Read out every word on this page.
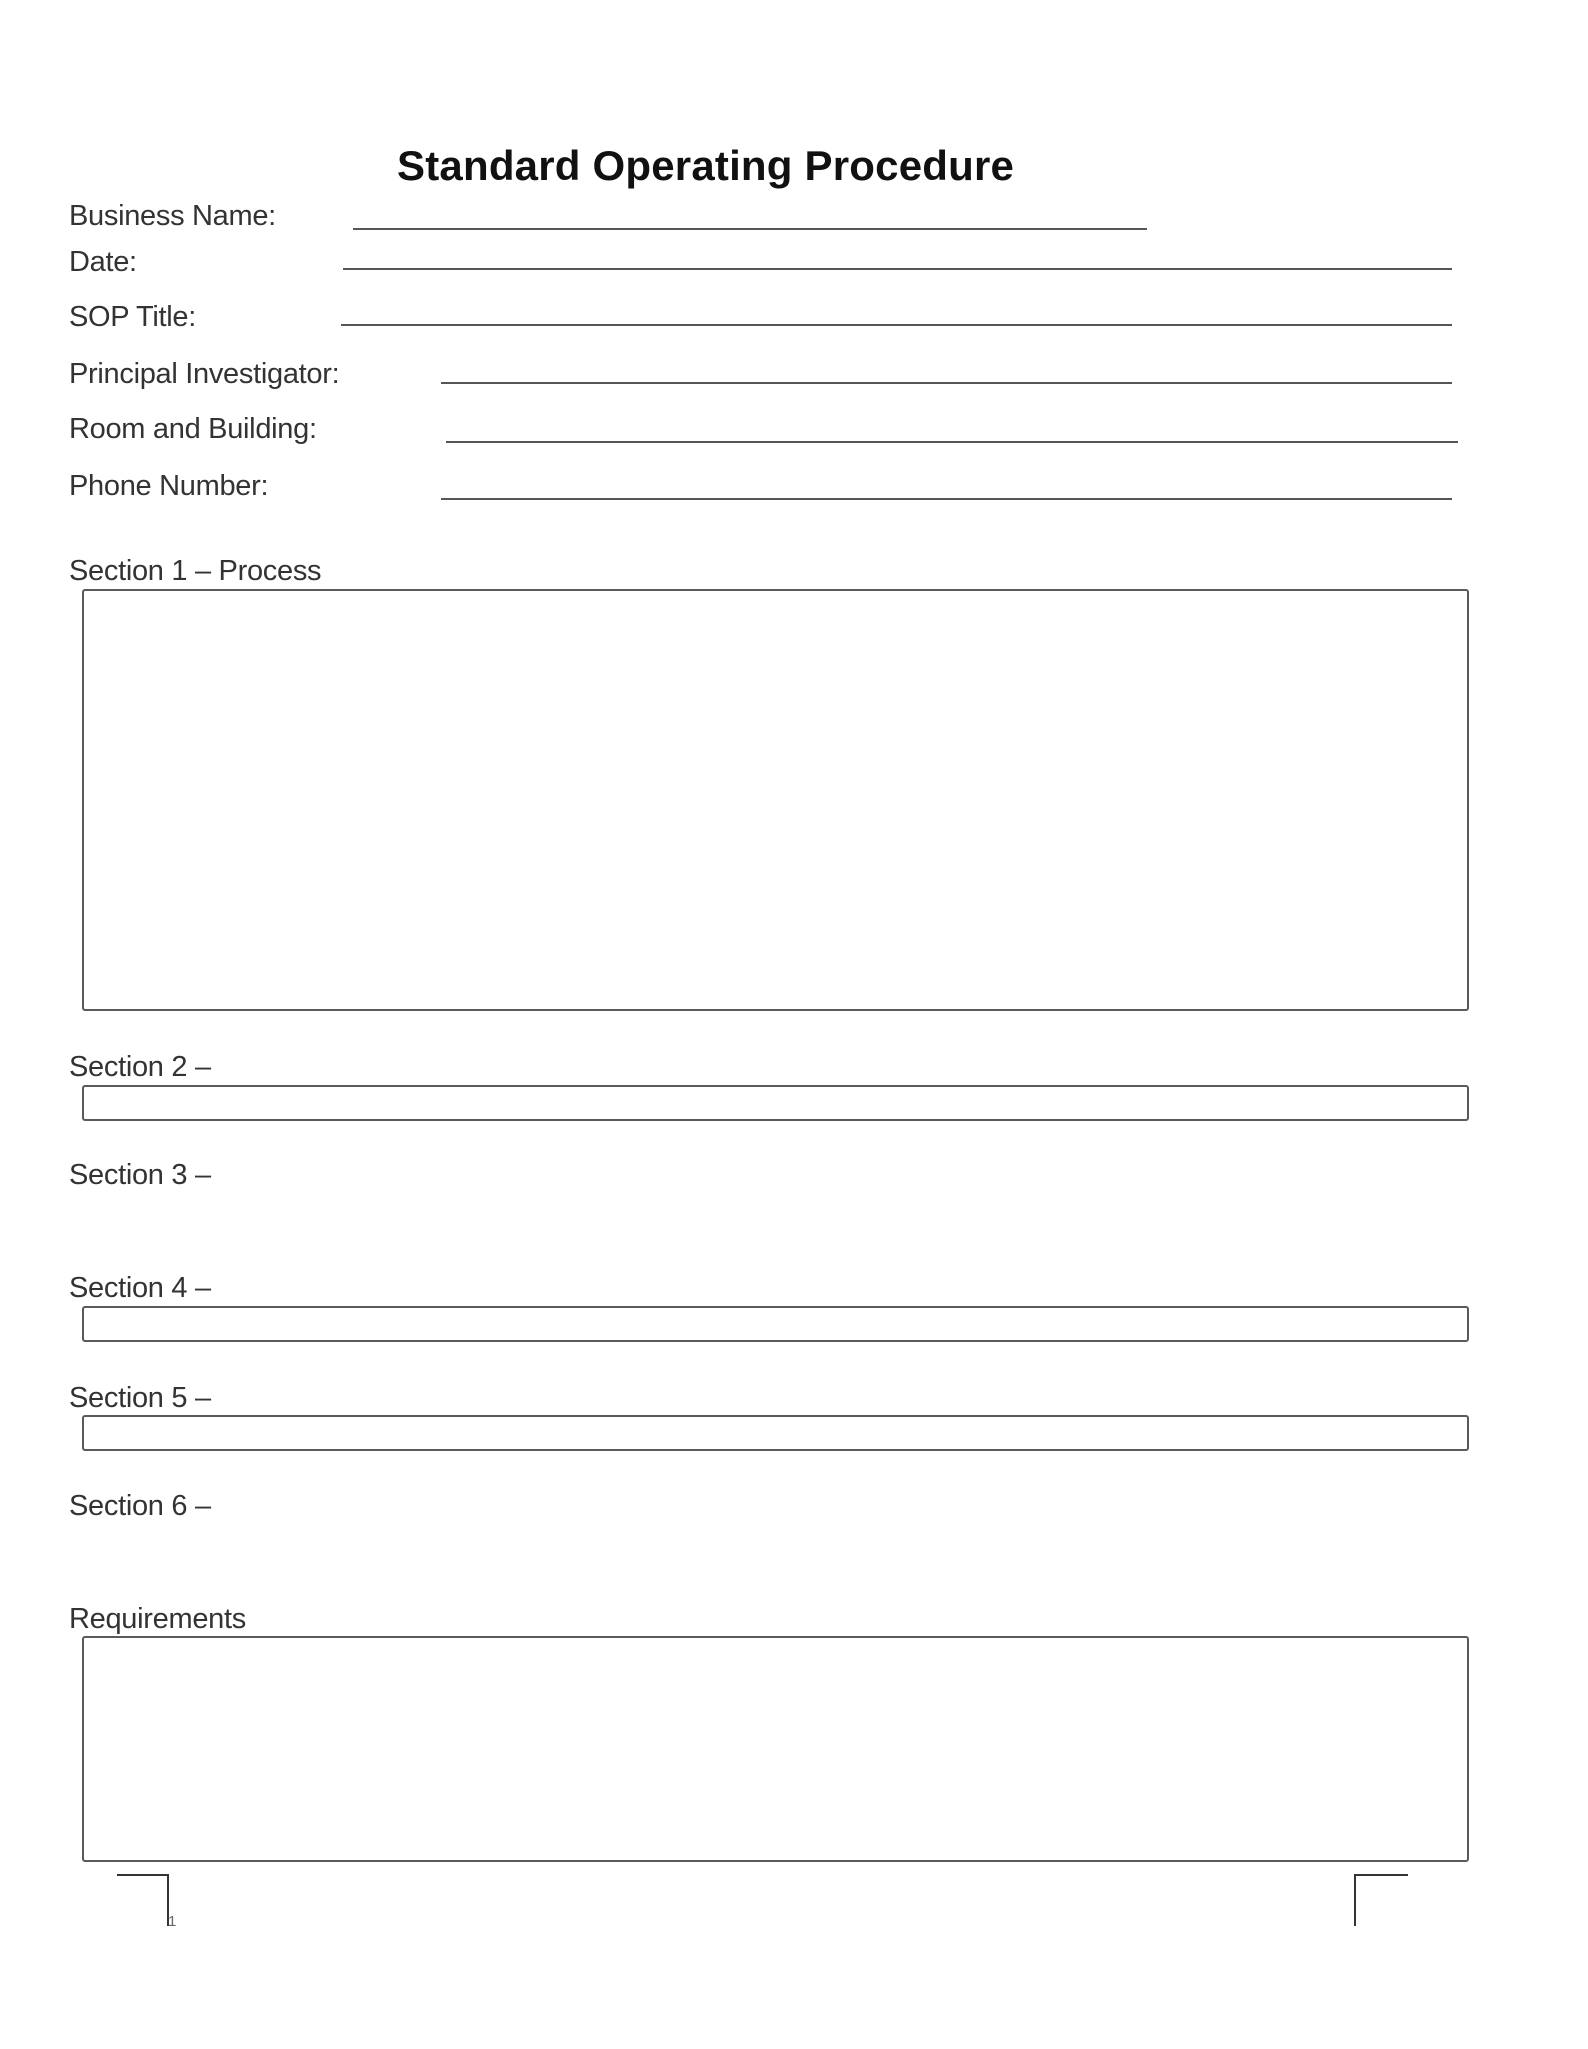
Standard Operating Procedure
Business Name:
Date:
SOP Title:
Principal Investigator:
Room and Building:
Phone Number:
Section 1 – Process
Section 2 –
Section 3 –
Section 4 –
Section 5 –
Section 6 –
Requirements
1
